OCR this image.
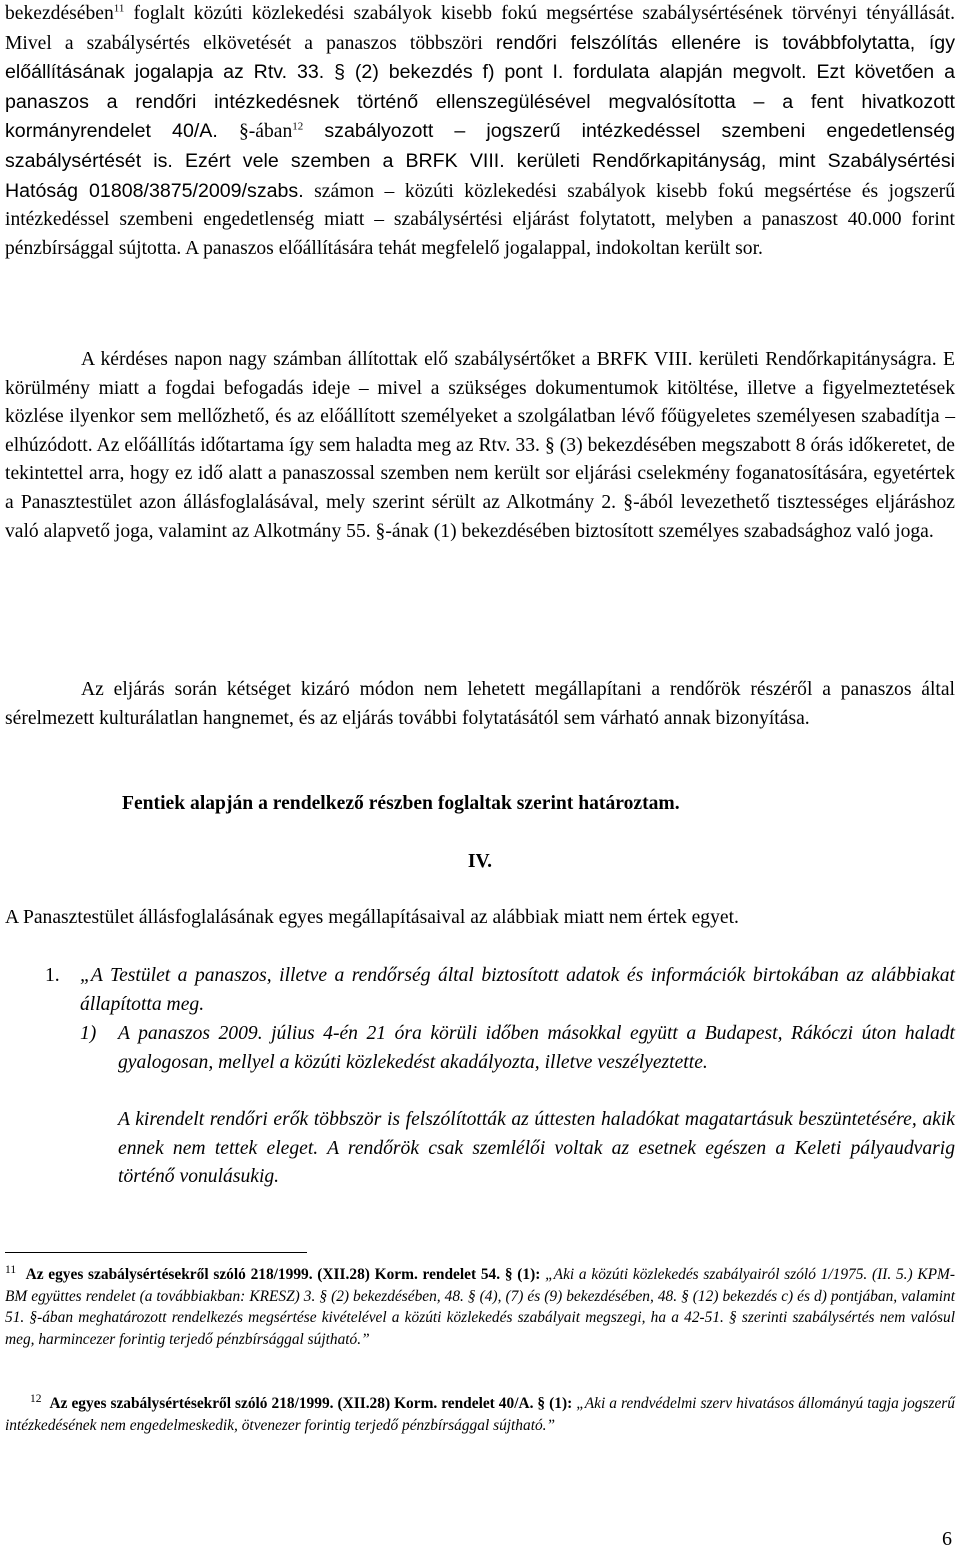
bekezdésében$^{11}$ foglalt közúti közlekedési szabályok kisebb fokú megsértése szabálysértésének törvényi tényállását. Mivel a szabálysértés elkövetését a panaszos többszöri rendőri felszólítás ellenére is továbbfolytatta, így előállításának jogalapja az Rtv. 33. § (2) bekezdés f) pont I. fordulata alapján megvolt. Ezt követően a panaszos a rendőri intézkedésnek történő ellenszegülésével megvalósította – a fent hivatkozott kormányrendelet 40/A. §-ában$^{12}$ szabályozott – jogszerű intézkedéssel szembeni engedetlenség szabálysértését is. Ezért vele szemben a BRFK VIII. kerületi Rendőrkapitányság, mint Szabálysértési Hatóság 01808/3875/2009/szabs. számon – közúti közlekedési szabályok kisebb fokú megsértése és jogszerű intézkedéssel szembeni engedetlenség miatt – szabálysértési eljárást folytatott, melyben a panaszost 40.000 forint pénzbírsággal sújtotta. A panaszos előállítására tehát megfelelő jogalappal, indokoltan került sor.

A kérdéses napon nagy számban állítottak elő szabálysértőket a BRFK VIII. kerületi Rendőrkapitányságra. E körülmény miatt a fogdai befogadás ideje – mivel a szükséges dokumentumok kitöltése, illetve a figyelmeztetések közlése ilyenkor sem mellőzhető, és az előállított személyeket a szolgálatban lévő főügyeletes személyesen szabadítja – elhúzódott. Az előállítás időtartama így sem haladta meg az Rtv. 33. § (3) bekezdésében megszabott 8 órás időkeretet, de tekintettel arra, hogy ez idő alatt a panaszossal szemben nem került sor eljárási cselekmény foganatosítására, egyetértek a Panasztestület azon állásfoglalásával, mely szerint sérült az Alkotmány 2. §-ából levezethető tisztességes eljáráshoz való alapvető joga, valamint az Alkotmány 55. §-ának (1) bekezdésében biztosított személyes szabadsághoz való joga.

Az eljárás során kétséget kizáró módon nem lehetett megállapítani a rendőrök részéről a panaszos által sérelmezett kulturálatlan hangnemet, és az eljárás további folytatásától sem várható annak bizonyítása.

Fentiek alapján a rendelkező részben foglaltak szerint határoztam.
IV.
A Panasztestület állásfoglalásának egyes megállapításaival az alábbiak miatt nem értek egyet.
1.	„A Testület a panaszos, illetve a rendőrség által biztosított adatok és információk birtokában az alábbiakat állapította meg.
1)	A panaszos 2009. július 4-én 21 óra körüli időben másokkal együtt a Budapest, Rákóczi úton haladt gyalogosan, mellyel a közúti közlekedést akadályozta, illetve veszélyeztette.
A kirendelt rendőri erők többször is felszólították az úttesten haladókat magatartásuk beszüntetésére, akik ennek nem tettek eleget. A rendőrök csak szemlélői voltak az esetnek egészen a Keleti pályaudvarig történő vonulásukig.
$^{11}$ Az egyes szabálysértésekről szóló 218/1999. (XII.28) Korm. rendelet 54. § (1): „Aki a közúti közlekedés szabályairól szóló 1/1975. (II. 5.) KPM-BM együttes rendelet (a továbbiakban: KRESZ) 3. § (2) bekezdésében, 48. § (4), (7) és (9) bekezdésében, 48. § (12) bekezdés c) és d) pontjában, valamint 51. §-ában meghatározott rendelkezés megsértése kivételével a közúti közlekedés szabályait megszegi, ha a 42-51. § szerinti szabálysértés nem valósul meg, harmincezer forintig terjedő pénzbírsággal sújtható.”
$^{12}$ Az egyes szabálysértésekről szóló 218/1999. (XII.28) Korm. rendelet 40/A. § (1): „Aki a rendvédelmi szerv hivatásos állományú tagja jogszerű intézkedésének nem engedelmeskedik, ötvenezer forintig terjedő pénzbírsággal sújtható.”
6
